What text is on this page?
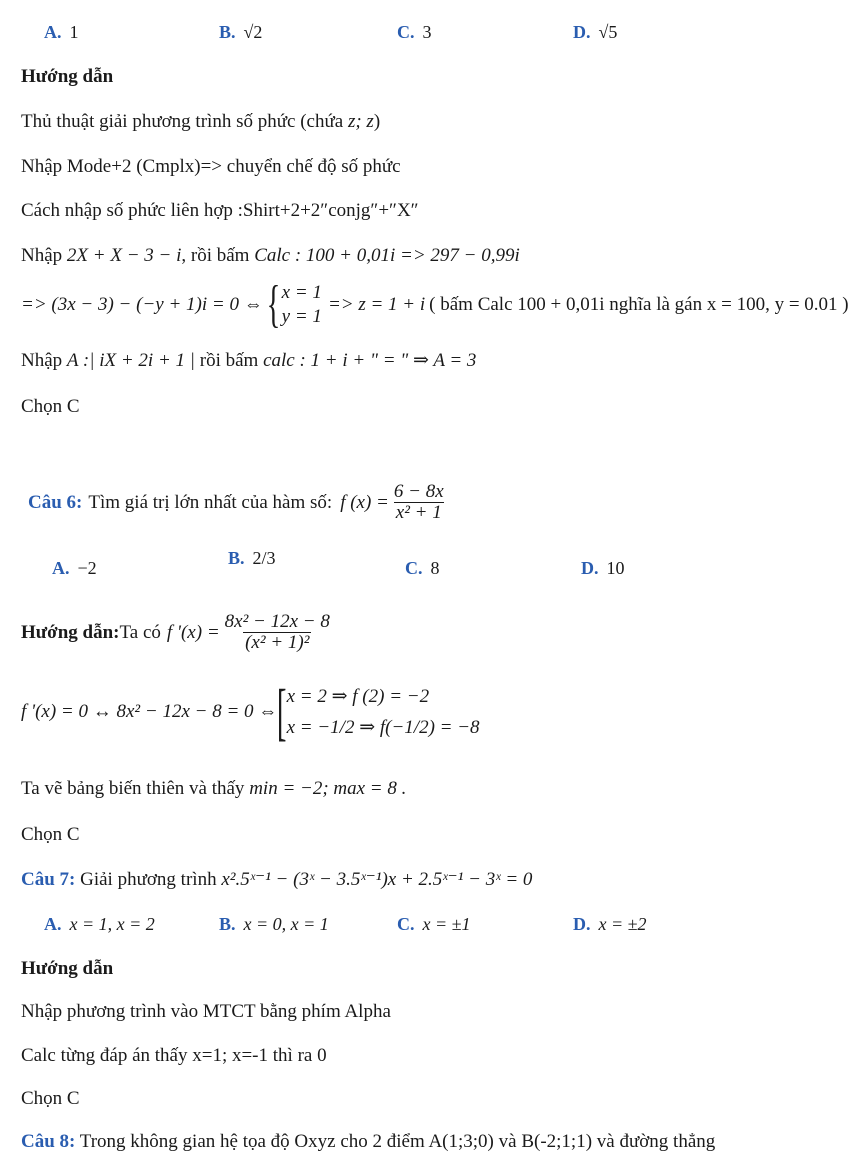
A. 1	B. √2	C. 3	D. √5
Hướng dẫn
Thủ thuật giải phương trình số phức (chứa z; z)
Nhập Mode+2 (Cmplx)=> chuyển chế độ số phức
Cách nhập số phức liên hợp :Shirt+2+2″conjg″+″X″
Nhập 2X + X − 3 − i, rồi bấm Calc : 100 + 0,01i => 297 − 0,99i
=> (3x − 3) − (−y + 1)i = 0 ⇔ { x = 1
y = 1
=> z = 1 + i ( bấm Calc 100 + 0,01i nghĩa là gán x = 100, y = 0.01 )
Nhập A :| iX + 2i + 1 | rồi bấm calc : 1 + i + " = " ⇒ A = 3
Chọn C
Câu 6: Tìm giá trị lớn nhất của hàm số: f $(x) = \frac{6 - 8x}{\text{x² + 1}}$
A. −2	B. 2/3	C. 8	D. 10
Hướng dẫn: Ta có f '$(x) = \frac{\text{8x² − 12x − 8}}{\text{(x² + 1)²}}$
f '(x) = 0 ↔ 8x² − 12x − 8 = 0 ⇔ [ x = 2 ⇒ f (2) = −2
x = −1/2 ⇒ f(−1/2) = −8
Ta vẽ bảng biến thiên và thấy min = −2; max = 8 .
Chọn C
Câu 7: Giải phương trình x².5ˣ⁻¹ − (3ˣ − 3.5ˣ⁻¹)x + 2.5ˣ⁻¹ − 3ˣ = 0
A. x = 1, x = 2	B. x = 0, x = 1	C. x = ±1	D. x = ±2
Hướng dẫn
Nhập phương trình vào MTCT bằng phím Alpha
Calc từng đáp án thấy x=1; x=-1 thì ra 0
Chọn C
Câu 8: Trong không gian hệ tọa độ Oxyz cho 2 điểm A(1;3;0) và B(-2;1;1) và đường thẳng
